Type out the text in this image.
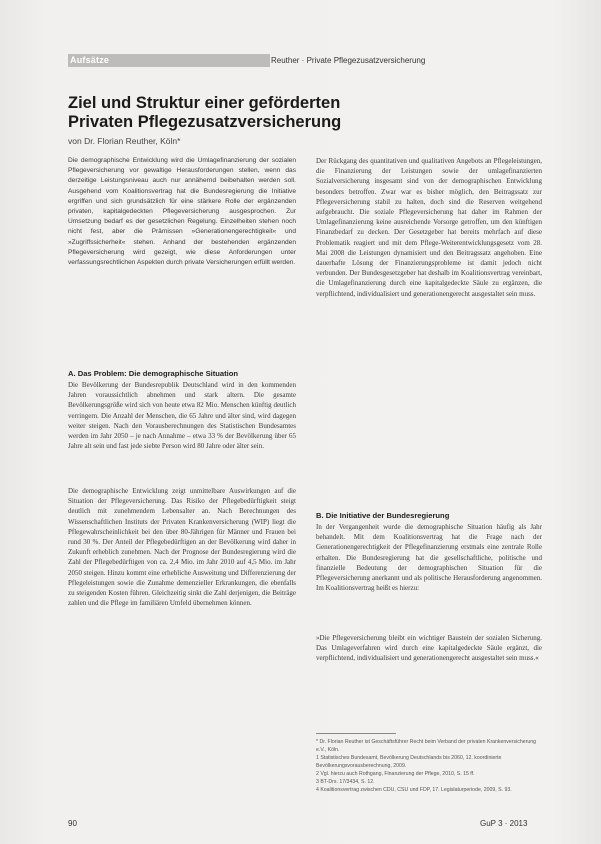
Aufsätze	Reuther · Private Pflegezusatzversicherung
Ziel und Struktur einer geförderten Privaten Pflegezusatzversicherung
von Dr. Florian Reuther, Köln*
Die demographische Entwicklung wird die Umlagefinanzierung der sozialen Pflegeversicherung vor gewaltige Herausforderungen stellen, wenn das derzeitige Leistungsniveau auch nur annähernd beibehalten werden soll. Ausgehend vom Koalitionsvertrag hat die Bundesregierung die Initiative ergriffen und sich grundsätzlich für eine stärkere Rolle der ergänzenden privaten, kapitalgedeckten Pflegeversicherung ausgesprochen. Zur Umsetzung bedarf es der gesetzlichen Regelung. Einzelheiten stehen noch nicht fest, aber die Prämissen »Generationengerechtigkeit« und »Zugriffssicherheit« stehen. Anhand der bestehenden ergänzenden Pflegeversicherung wird gezeigt, wie diese Anforderungen unter verfassungsrechtlichen Aspekten durch private Versicherungen erfüllt werden.
A. Das Problem: Die demographische Situation
Die Bevölkerung der Bundesrepublik Deutschland wird in den kommenden Jahren voraussichtlich abnehmen und stark altern. Die gesamte Bevölkerungsgröße wird sich von heute etwa 82 Mio. Menschen künftig deutlich verringern. Die Anzahl der Menschen, die 65 Jahre und älter sind, wird dagegen weiter steigen. Nach den Vorausberechnungen des Statistischen Bundesamtes werden im Jahr 2050 – je nach Annahme – etwa 33 % der Bevölkerung über 65 Jahre alt sein und fast jede siebte Person wird 80 Jahre oder älter sein.
Die demographische Entwicklung zeigt unmittelbare Auswirkungen auf die Situation der Pflegeversicherung. Das Risiko der Pflegebedürftigkeit steigt deutlich mit zunehmendem Lebensalter an. Nach Berechnungen des Wissenschaftlichen Instituts der Privaten Krankenversicherung (WIP) liegt die Pflegewahrscheinlichkeit bei den über 80-Jährigen für Männer und Frauen bei rund 30 %. Der Anteil der Pflegebedürftigen an der Bevölkerung wird daher in Zukunft erheblich zunehmen. Nach der Prognose der Bundesregierung wird die Zahl der Pflegebedürftigen von ca. 2,4 Mio. im Jahr 2010 auf 4,5 Mio. im Jahr 2050 steigen. Hinzu kommt eine erhebliche Ausweitung und Differenzierung der Pflegeleistungen sowie die Zunahme demenzieller Erkrankungen, die ebenfalls zu steigenden Kosten führen. Gleichzeitig sinkt die Zahl derjenigen, die Beiträge zahlen und die Pflege im familiären Umfeld übernehmen können.
Der Rückgang des quantitativen und qualitativen Angebots an Pflegeleistungen, die Finanzierung der Leistungen sowie der umlagefinanzierten Sozialversicherung insgesamt sind von der demographischen Entwicklung besonders betroffen. Zwar war es bisher möglich, den Beitragssatz zur Pflegeversicherung stabil zu halten, doch sind die Reserven weitgehend aufgebraucht. Die soziale Pflegeversicherung hat daher im Rahmen der Umlagefinanzierung keine ausreichende Vorsorge getroffen, um den künftigen Finanzbedarf zu decken. Der Gesetzgeber hat bereits mehrfach auf diese Problematik reagiert und mit dem Pflege-Weiterentwicklungsgesetz vom 28. Mai 2008 die Leistungen dynamisiert und den Beitragssatz angehoben. Eine dauerhafte Lösung der Finanzierungsprobleme ist damit jedoch nicht verbunden. Der Bundesgesetzgeber hat deshalb im Koalitionsvertrag vereinbart, die Umlagefinanzierung durch eine kapitalgedeckte Säule zu ergänzen, die verpflichtend, individualisiert und generationengerecht ausgestaltet sein muss.
B. Die Initiative der Bundesregierung
In der Vergangenheit wurde die demographische Situation häufig als Jahr behandelt. Mit dem Koalitionsvertrag hat die Frage nach der Generationengerechtigkeit der Pflegefinanzierung erstmals eine zentrale Rolle erhalten. Die Bundesregierung hat die gesellschaftliche, politische und finanzielle Bedeutung der demographischen Situation für die Pflegeversicherung anerkannt und als politische Herausforderung angenommen. Im Koalitionsvertrag heißt es hierzu:
»Die Pflegeversicherung bleibt ein wichtiger Baustein der sozialen Sicherung. Das Umlageverfahren wird durch eine kapitalgedeckte Säule ergänzt, die verpflichtend, individualisiert und generationengerecht ausgestaltet sein muss.«
* Dr. Florian Reuther ist Geschäftsführer Recht beim Verband der privaten Krankenversicherung e.V., Köln.
1 Statistisches Bundesamt, Bevölkerung Deutschlands bis 2060, 12. koordinierte Bevölkerungsvorausberechnung, 2009.
2 Vgl. hierzu auch Rothgang, Finanzierung der Pflege, 2010, S. 15 ff.
3 BT-Drs. 17/3434, S. 12.
4 Koalitionsvertrag zwischen CDU, CSU und FDP, 17. Legislaturperiode, 2009, S. 93.
90	GuP 3 · 2013
